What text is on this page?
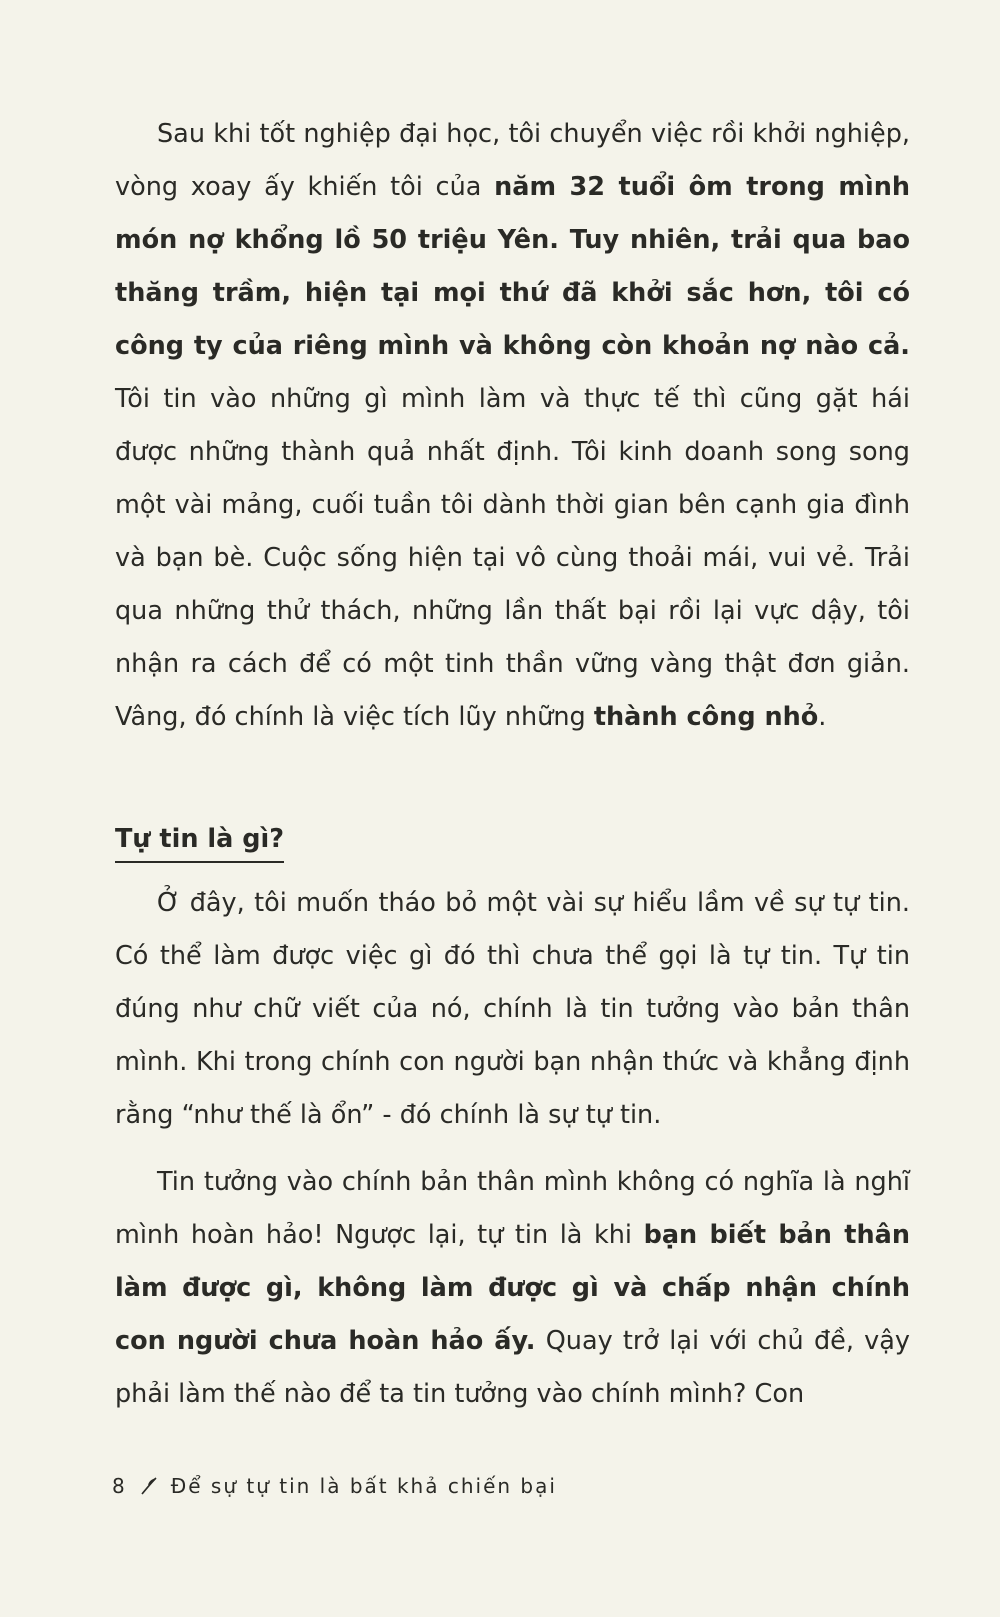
Sau khi tốt nghiệp đại học, tôi chuyển việc rồi khởi nghiệp, vòng xoay ấy khiến tôi của năm 32 tuổi ôm trong mình món nợ khổng lồ 50 triệu Yên. Tuy nhiên, trải qua bao thăng trầm, hiện tại mọi thứ đã khởi sắc hơn, tôi có công ty của riêng mình và không còn khoản nợ nào cả. Tôi tin vào những gì mình làm và thực tế thì cũng gặt hái được những thành quả nhất định. Tôi kinh doanh song song một vài mảng, cuối tuần tôi dành thời gian bên cạnh gia đình và bạn bè. Cuộc sống hiện tại vô cùng thoải mái, vui vẻ. Trải qua những thử thách, những lần thất bại rồi lại vực dậy, tôi nhận ra cách để có một tinh thần vững vàng thật đơn giản. Vâng, đó chính là việc tích lũy những thành công nhỏ.

Tự tin là gì?

Ở đây, tôi muốn tháo bỏ một vài sự hiểu lầm về sự tự tin. Có thể làm được việc gì đó thì chưa thể gọi là tự tin. Tự tin đúng như chữ viết của nó, chính là tin tưởng vào bản thân mình. Khi trong chính con người bạn nhận thức và khẳng định rằng “như thế là ổn” - đó chính là sự tự tin.

Tin tưởng vào chính bản thân mình không có nghĩa là nghĩ mình hoàn hảo! Ngược lại, tự tin là khi bạn biết bản thân làm được gì, không làm được gì và chấp nhận chính con người chưa hoàn hảo ấy. Quay trở lại với chủ đề, vậy phải làm thế nào để ta tin tưởng vào chính mình? Con

8 Để sự tự tin là bất khả chiến bại
